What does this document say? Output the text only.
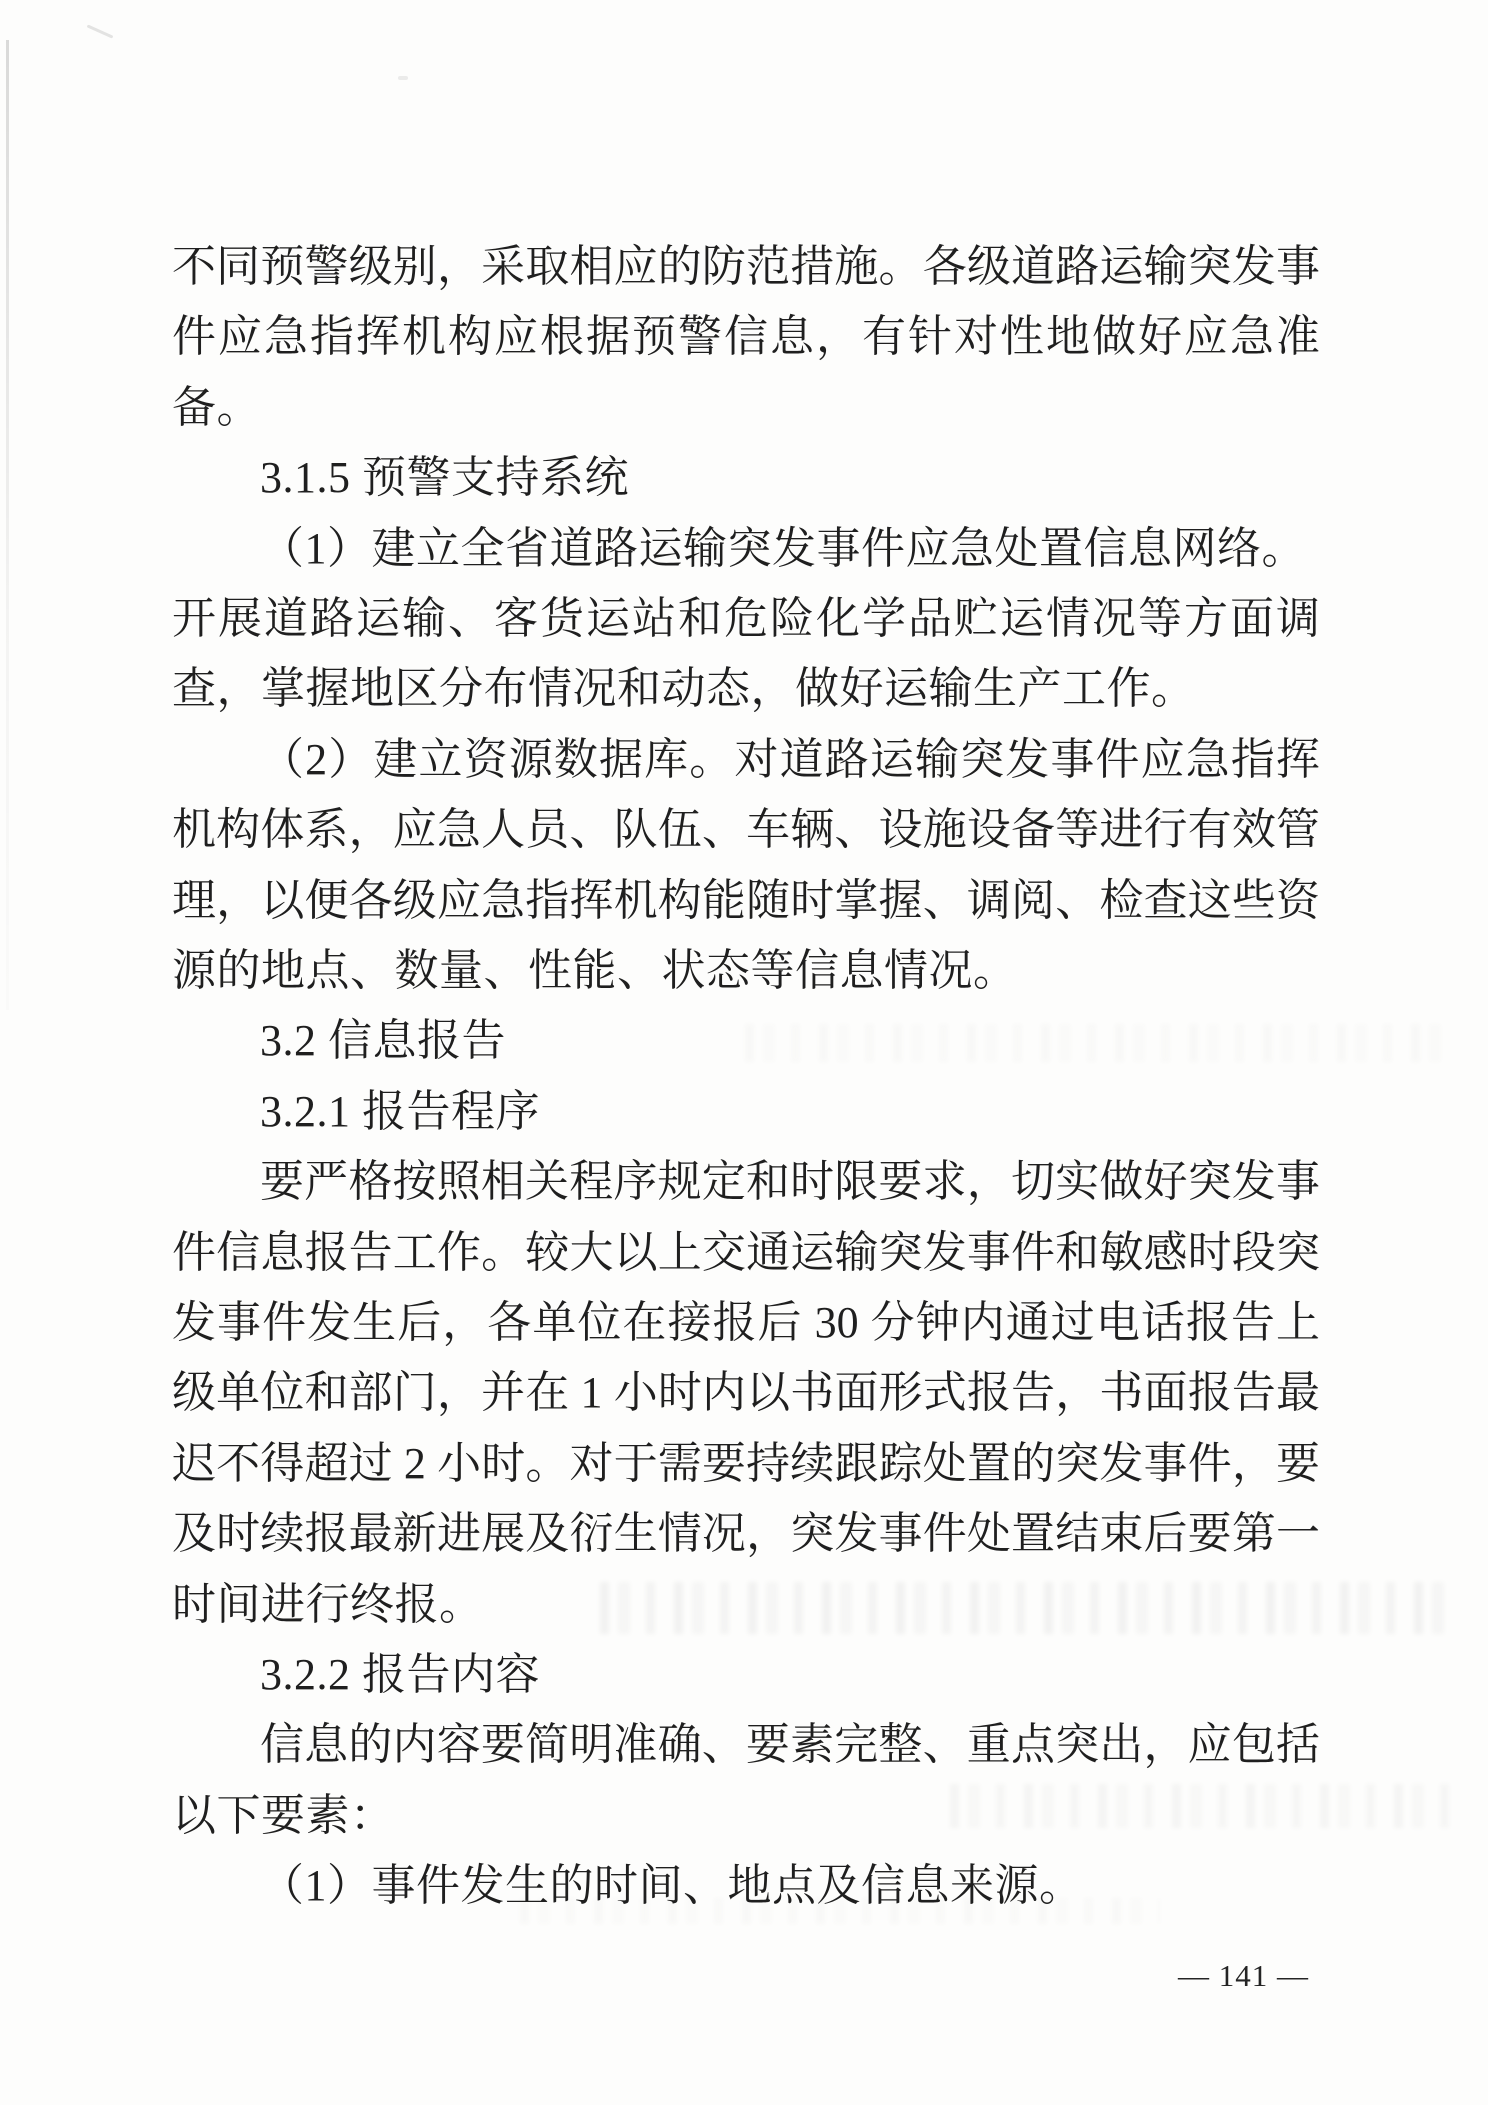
不同预警级别，采取相应的防范措施。各级道路运输突发事

件应急指挥机构应根据预警信息，有针对性地做好应急准

备。

3.1.5 预警支持系统

（1）建立全省道路运输突发事件应急处置信息网络。

开展道路运输、客货运站和危险化学品贮运情况等方面调

查，掌握地区分布情况和动态，做好运输生产工作。

（2）建立资源数据库。对道路运输突发事件应急指挥

机构体系，应急人员、队伍、车辆、设施设备等进行有效管

理，以便各级应急指挥机构能随时掌握、调阅、检查这些资

源的地点、数量、性能、状态等信息情况。

3.2 信息报告

3.2.1 报告程序

要严格按照相关程序规定和时限要求，切实做好突发事

件信息报告工作。较大以上交通运输突发事件和敏感时段突

发事件发生后，各单位在接报后 30 分钟内通过电话报告上

级单位和部门，并在 1 小时内以书面形式报告，书面报告最

迟不得超过 2 小时。对于需要持续跟踪处置的突发事件，要

及时续报最新进展及衍生情况，突发事件处置结束后要第一

时间进行终报。

3.2.2 报告内容

信息的内容要简明准确、要素完整、重点突出，应包括

以下要素：

（1）事件发生的时间、地点及信息来源。

— 141 —
